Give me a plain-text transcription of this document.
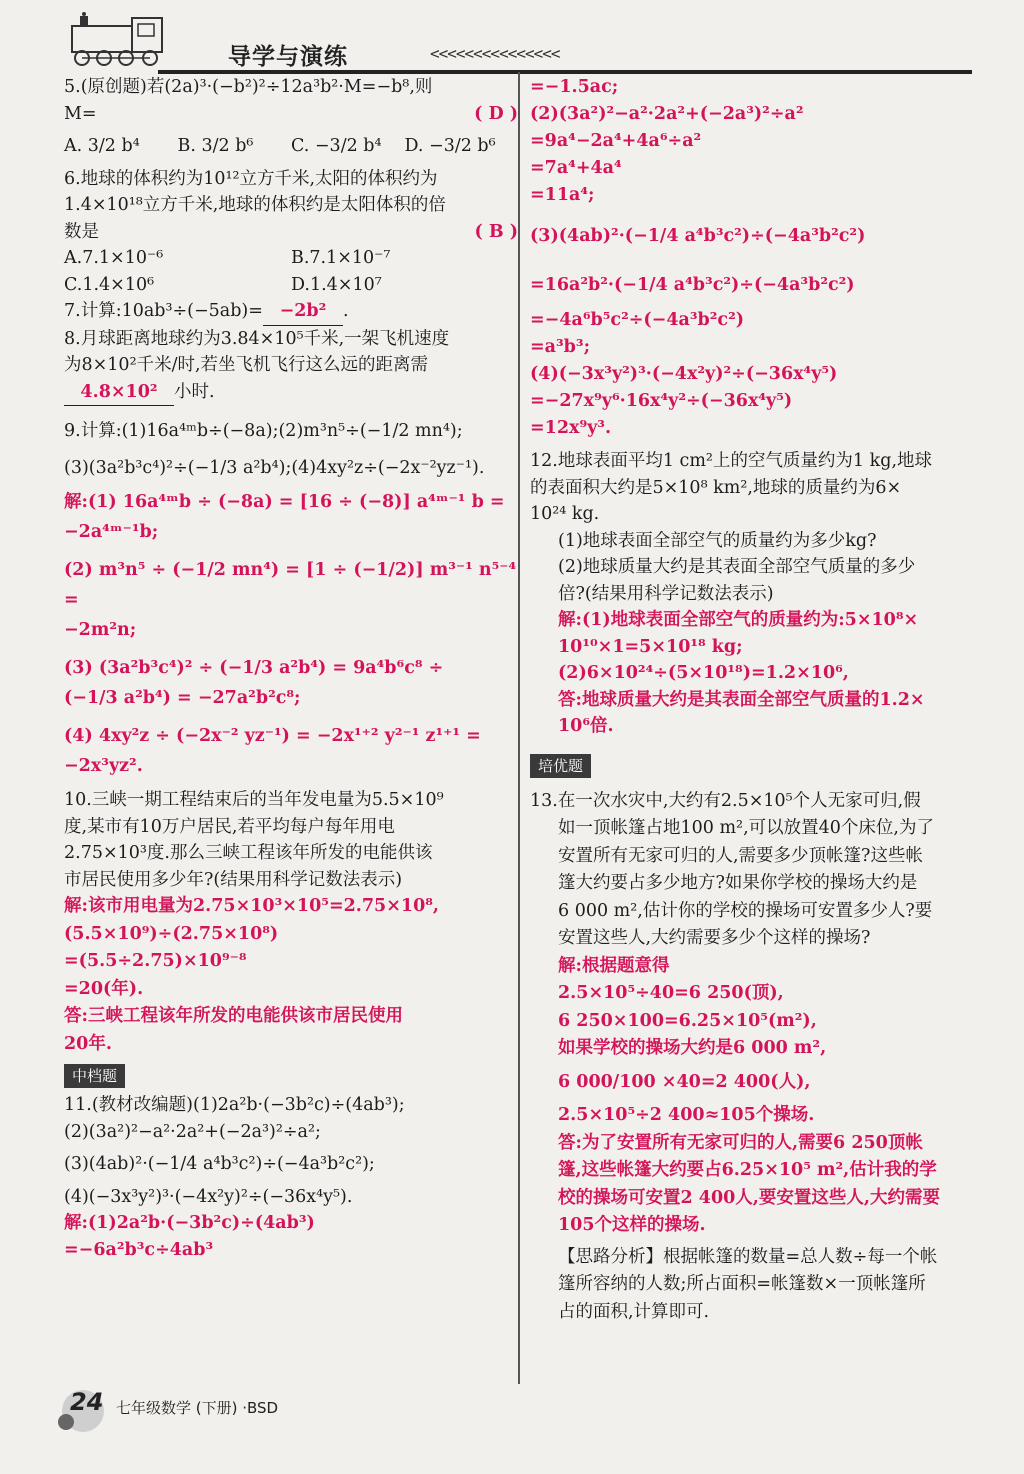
导学与演练	<<<<<<<<<<<<<<<

5.(原创题)若(2a)³·(−b²)²÷12a³b²·M=−b⁸,则

M=	( D )

A. 3/2 b⁴	B. 3/2 b⁶	C. −3/2 b⁴	D. −3/2 b⁶

6.地球的体积约为10¹²立方千米,太阳的体积约为

1.4×10¹⁸立方千米,地球的体积约是太阳体积的倍

数是	( B )

A.7.1×10⁻⁶	B.7.1×10⁻⁷
C.1.4×10⁶	D.1.4×10⁷

7.计算:10ab³÷(−5ab)= −2b² .

8.月球距离地球约为3.84×10⁵千米,一架飞机速度

为8×10²千米/时,若坐飞机飞行这么远的距离需

4.8×10² 小时.

9.计算:(1)16a⁴ᵐb÷(−8a);(2)m³n⁵÷(−1/2 mn⁴);

(3)(3a²b³c⁴)²÷(−1/3 a²b⁴);(4)4xy²z÷(−2x⁻²yz⁻¹).

解:(1) 16a⁴ᵐb ÷ (−8a) = [16 ÷ (−8)] a⁴ᵐ⁻¹ b =

−2a⁴ᵐ⁻¹b;

(2) m³n⁵ ÷ (−1/2 mn⁴) = [1 ÷ (−1/2)] m³⁻¹ n⁵⁻⁴ =

−2m²n;

(3) (3a²b³c⁴)² ÷ (−1/3 a²b⁴) = 9a⁴b⁶c⁸ ÷

(−1/3 a²b⁴) = −27a²b²c⁸;

(4) 4xy²z ÷ (−2x⁻² yz⁻¹) = −2x¹⁺² y²⁻¹ z¹⁺¹ =

−2x³yz².

10.三峡一期工程结束后的当年发电量为5.5×10⁹

度,某市有10万户居民,若平均每户每年用电

2.75×10³度.那么三峡工程该年所发的电能供该

市居民使用多少年?(结果用科学记数法表示)

解:该市用电量为2.75×10³×10⁵=2.75×10⁸,

(5.5×10⁹)÷(2.75×10⁸)

=(5.5÷2.75)×10⁹⁻⁸

=20(年).

答:三峡工程该年所发的电能供该市居民使用

20年.

中档题

11.(教材改编题)(1)2a²b·(−3b²c)÷(4ab³);

(2)(3a²)²−a²·2a²+(−2a³)²÷a²;

(3)(4ab)²·(−1/4 a⁴b³c²)÷(−4a³b²c²);

(4)(−3x³y²)³·(−4x²y)²÷(−36x⁴y⁵).

解:(1)2a²b·(−3b²c)÷(4ab³)

=−6a²b³c÷4ab³

=−1.5ac;

(2)(3a²)²−a²·2a²+(−2a³)²÷a²

=9a⁴−2a⁴+4a⁶÷a²

=7a⁴+4a⁴

=11a⁴;

(3)(4ab)²·(−1/4 a⁴b³c²)÷(−4a³b²c²)

=16a²b²·(−1/4 a⁴b³c²)÷(−4a³b²c²)

=−4a⁶b⁵c²÷(−4a³b²c²)

=a³b³;

(4)(−3x³y²)³·(−4x²y)²÷(−36x⁴y⁵)

=−27x⁹y⁶·16x⁴y²÷(−36x⁴y⁵)

=12x⁹y³.

12.地球表面平均1 cm²上的空气质量约为1 kg,地球

的表面积大约是5×10⁸ km²,地球的质量约为6×

10²⁴ kg.

(1)地球表面全部空气的质量约为多少kg?

(2)地球质量大约是其表面全部空气质量的多少

倍?(结果用科学记数法表示)

解:(1)地球表面全部空气的质量约为:5×10⁸×

10¹⁰×1=5×10¹⁸ kg;

(2)6×10²⁴÷(5×10¹⁸)=1.2×10⁶,

答:地球质量大约是其表面全部空气质量的1.2×

10⁶倍.

培优题

13.在一次水灾中,大约有2.5×10⁵个人无家可归,假

如一顶帐篷占地100 m²,可以放置40个床位,为了

安置所有无家可归的人,需要多少顶帐篷?这些帐

篷大约要占多少地方?如果你学校的操场大约是

6 000 m²,估计你的学校的操场可安置多少人?要

安置这些人,大约需要多少个这样的操场?

解:根据题意得

2.5×10⁵÷40=6 250(顶),

6 250×100=6.25×10⁵(m²),

如果学校的操场大约是6 000 m²,

6 000/100 ×40=2 400(人),

2.5×10⁵÷2 400≈105个操场.

答:为了安置所有无家可归的人,需要6 250顶帐

篷,这些帐篷大约要占6.25×10⁵ m²,估计我的学

校的操场可安置2 400人,要安置这些人,大约需要

105个这样的操场.

【思路分析】根据帐篷的数量=总人数÷每一个帐

篷所容纳的人数;所占面积=帐篷数×一顶帐篷所

占的面积,计算即可.

24 七年级数学 (下册) ·BSD
